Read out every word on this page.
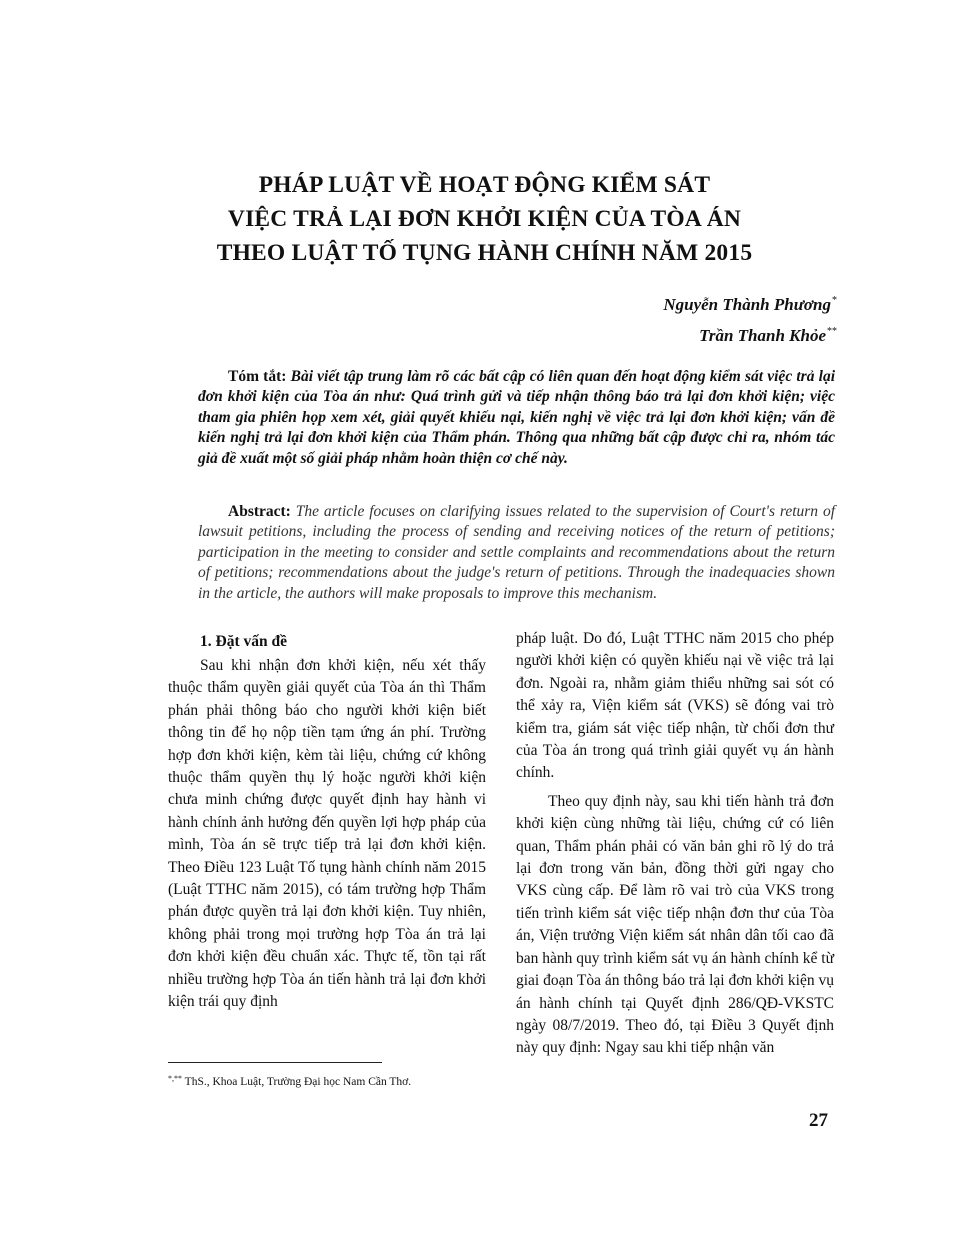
PHÁP LUẬT VỀ HOẠT ĐỘNG KIỂM SÁT
VIỆC TRẢ LẠI ĐƠN KHỞI KIỆN CỦA TÒA ÁN
THEO LUẬT TỐ TỤNG HÀNH CHÍNH NĂM 2015
Nguyễn Thành Phương*
Trần Thanh Khỏe**

Tóm tắt: Bài viết tập trung làm rõ các bất cập có liên quan đến hoạt động kiểm sát việc trả lại đơn khởi kiện của Tòa án như: Quá trình gửi và tiếp nhận thông báo trả lại đơn khởi kiện; việc tham gia phiên họp xem xét, giải quyết khiếu nại, kiến nghị về việc trả lại đơn khởi kiện; vấn đề kiến nghị trả lại đơn khởi kiện của Thẩm phán. Thông qua những bất cập được chỉ ra, nhóm tác giả đề xuất một số giải pháp nhằm hoàn thiện cơ chế này.

Abstract: The article focuses on clarifying issues related to the supervision of Court's return of lawsuit petitions, including the process of sending and receiving notices of the return of petitions; participation in the meeting to consider and settle complaints and recommendations about the return of petitions; recommendations about the judge's return of petitions. Through the inadequacies shown in the article, the authors will make proposals to improve this mechanism.

1. Đặt vấn đề

Sau khi nhận đơn khởi kiện, nếu xét thấy thuộc thẩm quyền giải quyết của Tòa án thì Thẩm phán phải thông báo cho người khởi kiện biết thông tin để họ nộp tiền tạm ứng án phí. Trường hợp đơn khởi kiện, kèm tài liệu, chứng cứ không thuộc thẩm quyền thụ lý hoặc người khởi kiện chưa minh chứng được quyết định hay hành vi hành chính ảnh hưởng đến quyền lợi hợp pháp của mình, Tòa án sẽ trực tiếp trả lại đơn khởi kiện. Theo Điều 123 Luật Tố tụng hành chính năm 2015 (Luật TTHC năm 2015), có tám trường hợp Thẩm phán được quyền trả lại đơn khởi kiện. Tuy nhiên, không phải trong mọi trường hợp Tòa án trả lại đơn khởi kiện đều chuẩn xác. Thực tế, tồn tại rất nhiều trường hợp Tòa án tiến hành trả lại đơn khởi kiện trái quy định

pháp luật. Do đó, Luật TTHC năm 2015 cho phép người khởi kiện có quyền khiếu nại về việc trả lại đơn. Ngoài ra, nhằm giảm thiểu những sai sót có thể xảy ra, Viện kiểm sát (VKS) sẽ đóng vai trò kiểm tra, giám sát việc tiếp nhận, từ chối đơn thư của Tòa án trong quá trình giải quyết vụ án hành chính.

Theo quy định này, sau khi tiến hành trả đơn khởi kiện cùng những tài liệu, chứng cứ có liên quan, Thẩm phán phải có văn bản ghi rõ lý do trả lại đơn trong văn bản, đồng thời gửi ngay cho VKS cùng cấp. Để làm rõ vai trò của VKS trong tiến trình kiểm sát việc tiếp nhận đơn thư của Tòa án, Viện trưởng Viện kiểm sát nhân dân tối cao đã ban hành quy trình kiểm sát vụ án hành chính kể từ giai đoạn Tòa án thông báo trả lại đơn khởi kiện vụ án hành chính tại Quyết định 286/QĐ-VKSTC ngày 08/7/2019. Theo đó, tại Điều 3 Quyết định này quy định: Ngay sau khi tiếp nhận văn

*,** ThS., Khoa Luật, Trường Đại học Nam Cần Thơ.
27
